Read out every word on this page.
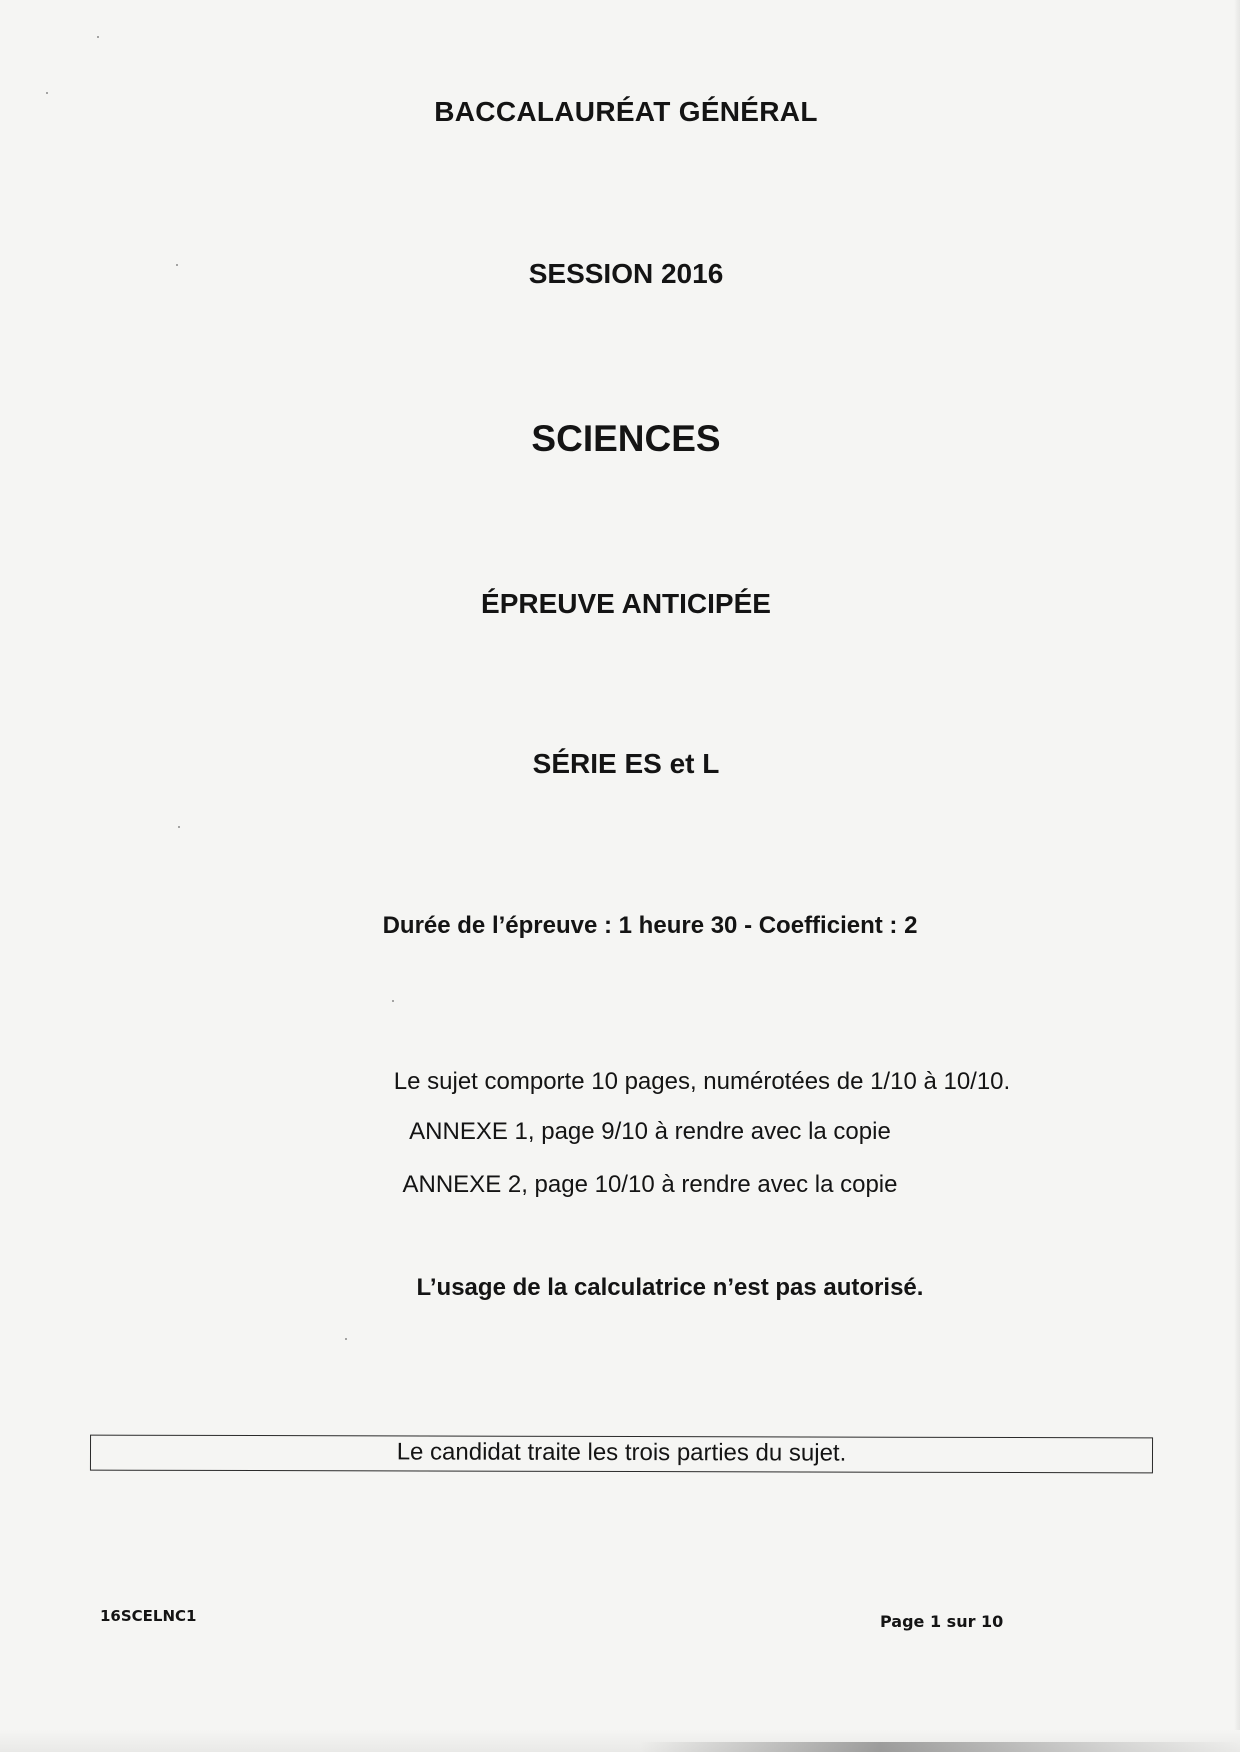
BACCALAURÉAT GÉNÉRAL
SESSION 2016
SCIENCES
ÉPREUVE ANTICIPÉE
SÉRIE ES et L
Durée de l’épreuve : 1 heure 30 - Coefficient : 2
Le sujet comporte 10 pages, numérotées de 1/10 à 10/10.
ANNEXE 1, page 9/10 à rendre avec la copie
ANNEXE 2, page 10/10 à rendre avec la copie
L’usage de la calculatrice n’est pas autorisé.
Le candidat traite les trois parties du sujet.
16SCELNC1	Page 1 sur 10
